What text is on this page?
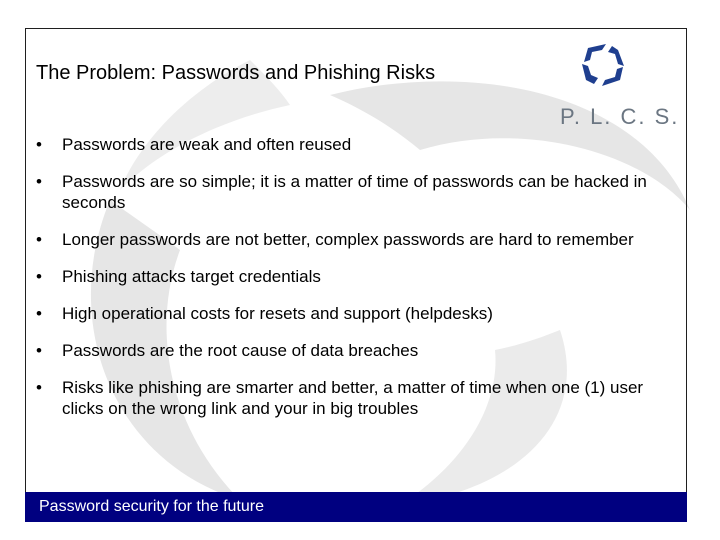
The Problem: Passwords and Phishing Risks
P. L. C. S.
• Passwords are weak and often reused
• Passwords are so simple; it is a matter of time of passwords can be hacked in seconds
• Longer passwords are not better, complex passwords are hard to remember
• Phishing attacks target credentials
• High operational costs for resets and support (helpdesks)
• Passwords are the root cause of data breaches
• Risks like phishing are smarter and better, a matter of time when one (1) user clicks on the wrong link and your in big troubles
Password security for the future
